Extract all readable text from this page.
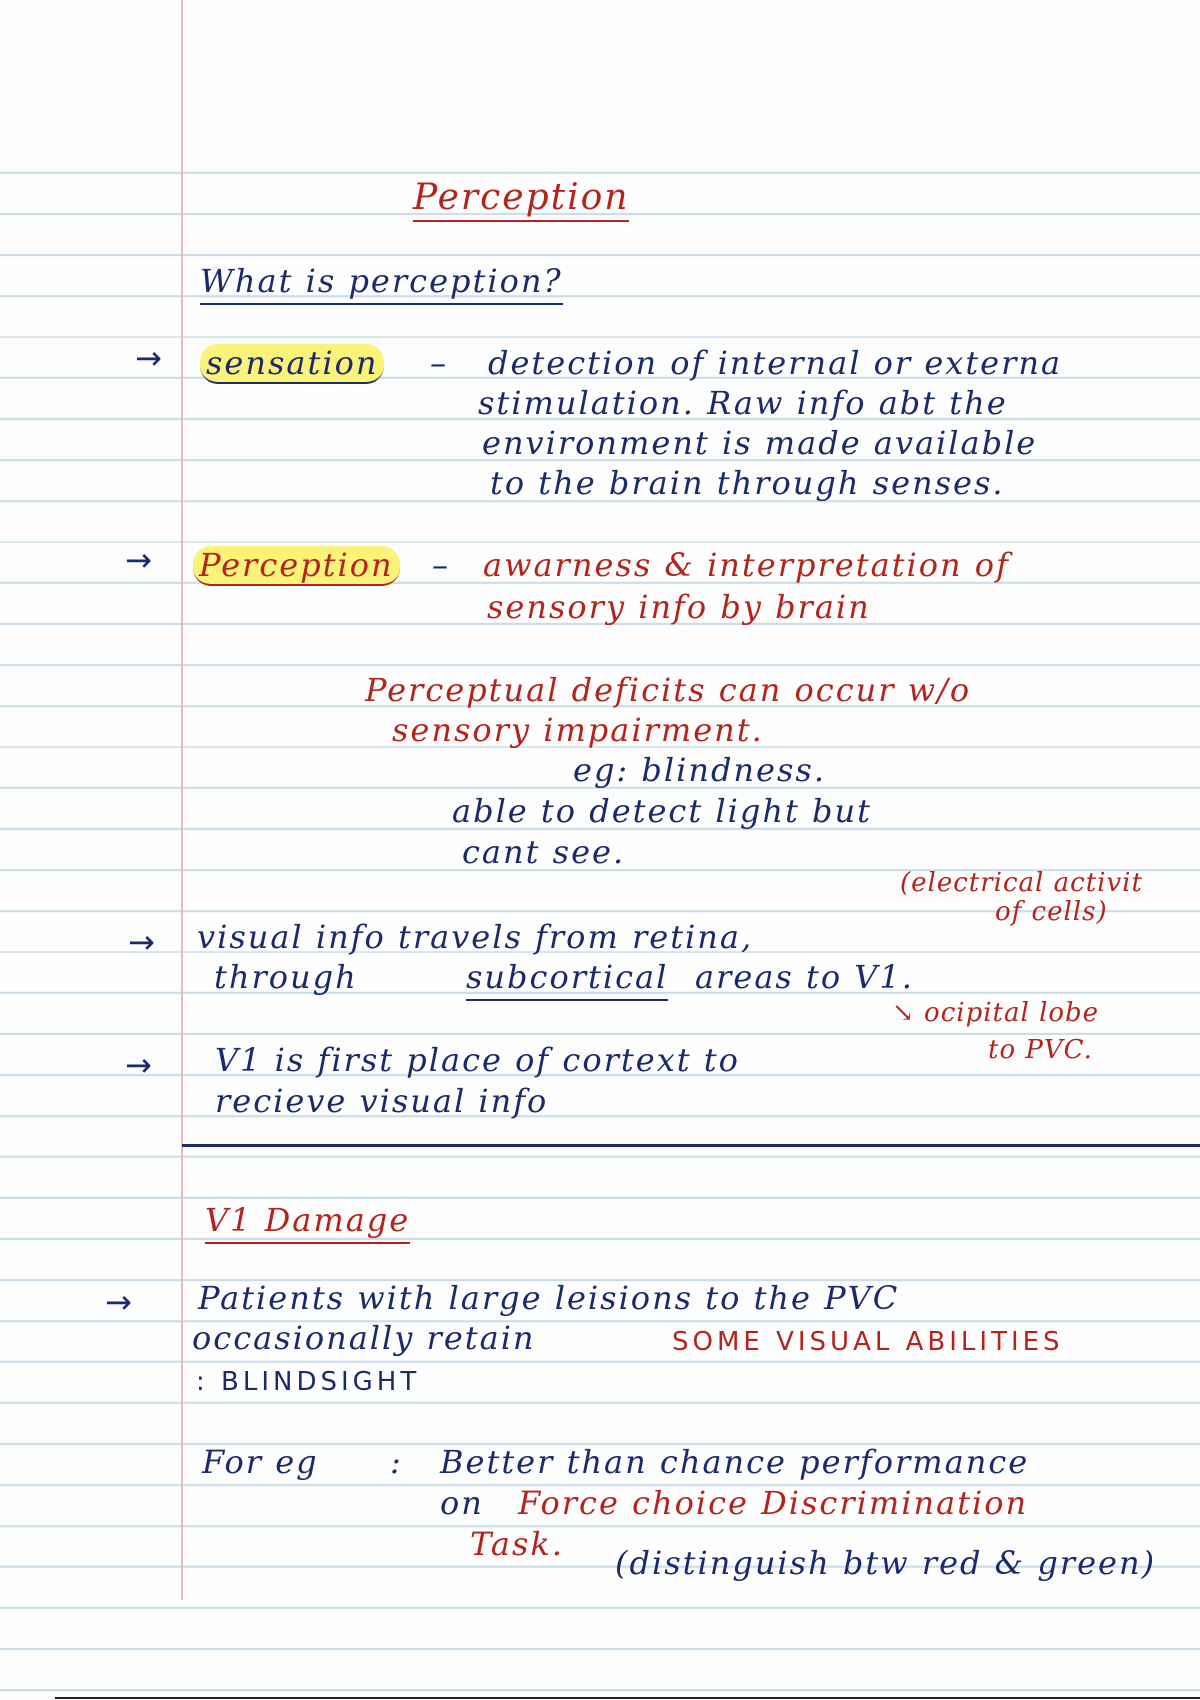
Perception

What is perception?

→ sensation – detection of internal or externa

stimulation. Raw info abt the

environment is made available

to the brain through senses.

→ Perception – awarness & interpretation of

sensory info by brain

Perceptual deficits can occur w/o

sensory impairment.

eg: blindness.

able to detect light but

cant see.

(electrical activit

of cells)

→ visual info travels from retina,

through	subcortical areas to V1.

↘ ocipital lobe

→ V1 is first place of cortext to	to PVC.

recieve visual info

V1 Damage

→ Patients with large leisions to the PVC

occasionally retain	SOME VISUAL ABILITIES

: BLINDSIGHT

For eg : Better than chance performance

on Force choice Discrimination

Task. (distinguish btw red & green)
